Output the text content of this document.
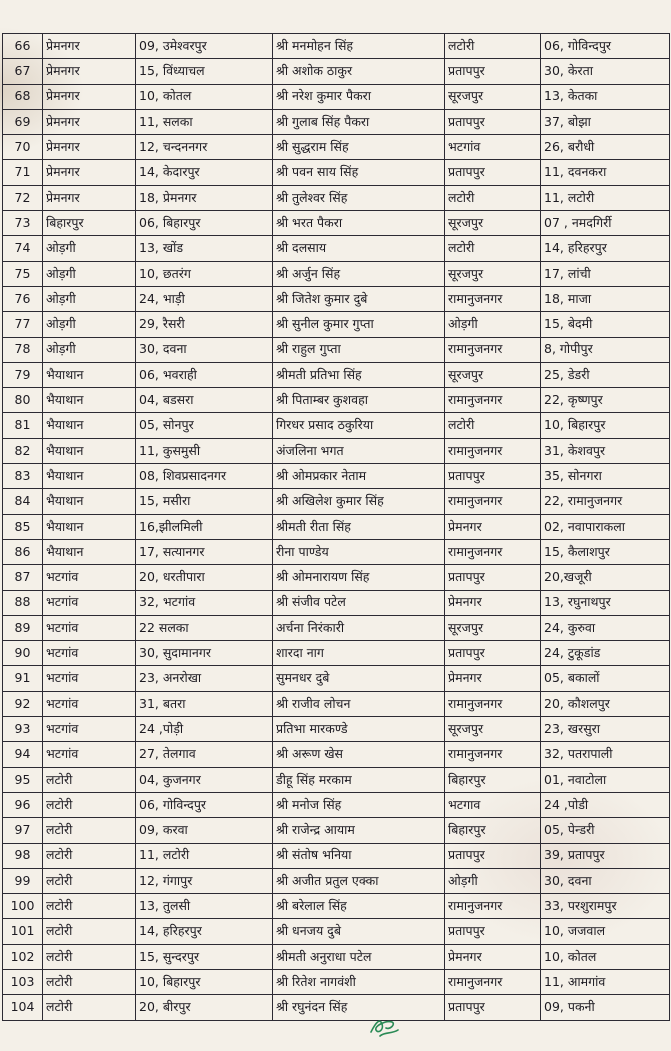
66	प्रेमनगर	09, उमेश्वरपुर	श्री मनमोहन सिंह	लटोरी	06, गोविन्दपुर
67	प्रेमनगर	15, विंध्याचल	श्री अशोक ठाकुर	प्रतापपुर	30, केरता
68	प्रेमनगर	10, कोतल	श्री नरेश कुमार पैकरा	सूरजपुर	13, केतका
69	प्रेमनगर	11, सलका	श्री गुलाब सिंह पैकरा	प्रतापपुर	37, बोझा
70	प्रेमनगर	12, चन्दननगर	श्री सुद्धराम सिंह	भटगांव	26, बरौधी
71	प्रेमनगर	14, केदारपुर	श्री पवन साय सिंह	प्रतापपुर	11, दवनकरा
72	प्रेमनगर	18, प्रेमनगर	श्री तुलेश्वर सिंह	लटोरी	11, लटोरी
73	बिहारपुर	06, बिहारपुर	श्री भरत पैकरा	सूरजपुर	07 , नमदगिर्री
74	ओड़गी	13, खोंड	श्री दलसाय	लटोरी	14, हरिहरपुर
75	ओड़गी	10, छतरंग	श्री अर्जुन सिंह	सूरजपुर	17, लांची
76	ओड़गी	24, भाड़ी	श्री जितेश कुमार दुबे	रामानुजनगर	18, माजा
77	ओड़गी	29, रैसरी	श्री सुनील कुमार गुप्ता	ओड़गी	15, बेदमी
78	ओड़गी	30, दवना	श्री राहुल गुप्ता	रामानुजनगर	8, गोपीपुर
79	भैयाथान	06, भवराही	श्रीमती प्रतिभा सिंह	सूरजपुर	25, डेडरी
80	भैयाथान	04, बडसरा	श्री पिताम्बर कुशवहा	रामानुजनगर	22, कृष्णपुर
81	भैयाथान	05, सोनपुर	गिरधर प्रसाद ठकुरिया	लटोरी	10, बिहारपुर
82	भैयाथान	11, कुसमुसी	अंजलिना भगत	रामानुजनगर	31, केशवपुर
83	भैयाथान	08, शिवप्रसादनगर	श्री ओमप्रकार नेताम	प्रतापपुर	35, सोनगरा
84	भैयाथान	15, मसीरा	श्री अखिलेश कुमार सिंह	रामानुजनगर	22, रामानुजनगर
85	भैयाथान	16,झीलमिली	श्रीमती रीता सिंह	प्रेमनगर	02, नवापाराकला
86	भैयाथान	17, सत्यानगर	रीना पाण्डेय	रामानुजनगर	15, कैलाशपुर
87	भटगांव	20, धरतीपारा	श्री ओमनारायण सिंह	प्रतापपुर	20,खजूरी
88	भटगांव	32, भटगांव	श्री संजीव पटेल	प्रेमनगर	13, रघुनाथपुर
89	भटगांव	22 सलका	अर्चना निरंकारी	सूरजपुर	24, कुरुवा
90	भटगांव	30, सुदामानगर	शारदा नाग	प्रतापपुर	24, टुकूडांड
91	भटगांव	23, अनरोखा	सुमनधर दुबे	प्रेमनगर	05, बकालों
92	भटगांव	31, बतरा	श्री राजीव लोचन	रामानुजनगर	20, कौशलपुर
93	भटगांव	24 ,पोड़ी	प्रतिभा मारकण्डे	सूरजपुर	23, खरसुरा
94	भटगांव	27, तेलगाव	श्री अरूण खेस	रामानुजनगर	32, पतरापाली
95	लटोरी	04, कुजनगर	डीहू सिंह मरकाम	बिहारपुर	01, नवाटोला
96	लटोरी	06, गोविन्दपुर	श्री मनोज सिंह	भटगाव	24 ,पोडी
97	लटोरी	09, करवा	श्री राजेन्द्र आयाम	बिहारपुर	05, पेन्डरी
98	लटोरी	11, लटोरी	श्री संतोष भनिया	प्रतापपुर	39, प्रतापपुर
99	लटोरी	12, गंगापुर	श्री अजीत प्रतुल एक्का	ओड़गी	30, दवना
100	लटोरी	13, तुलसी	श्री बरेलाल सिंह	रामानुजनगर	33, परशुरामपुर
101	लटोरी	14, हरिहरपुर	श्री धनजय दुबे	प्रतापपुर	10, जजवाल
102	लटोरी	15, सुन्दरपुर	श्रीमती अनुराधा पटेल	प्रेमनगर	10, कोतल
103	लटोरी	10, बिहारपुर	श्री रितेश नागवंशी	रामानुजनगर	11, आमगांव
104	लटोरी	20, बीरपुर	श्री रघुनंदन सिंह	प्रतापपुर	09, पकनी
